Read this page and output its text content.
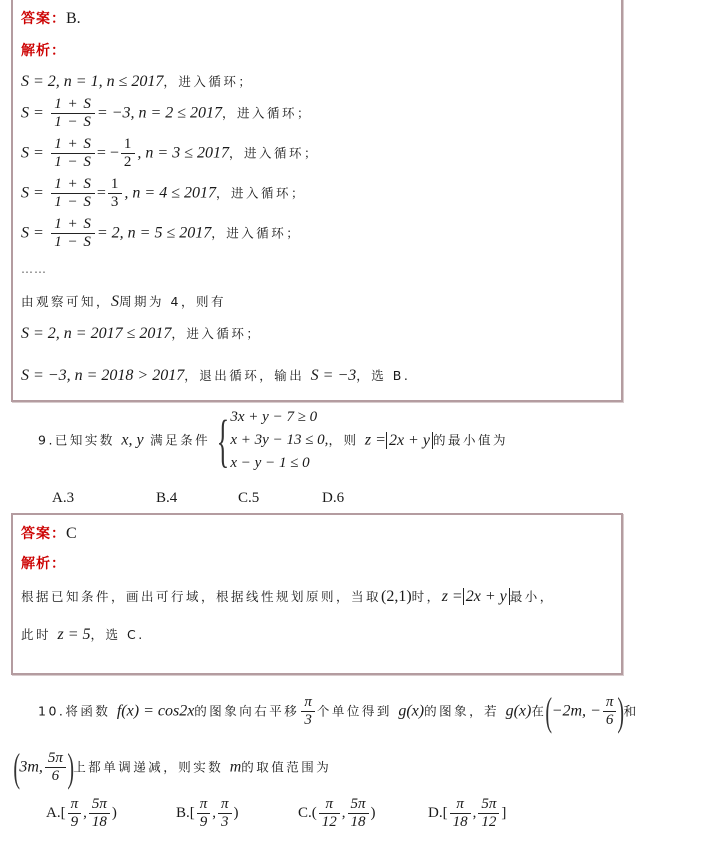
答案：B.
解析：
S = 2, n = 1, n ≤ 2017，进入循环；
$S = \frac{1 + S}{1 - S} = -3$, n = 2 ≤ 2017，进入循环；
$S = \frac{1 + S}{1 - S}$ = − $\frac{1}{2}$ , n = 3 ≤ 2017，进入循环；
$S = \frac{1 + S}{1 - S} = \frac{1}{3}$ , n = 4 ≤ 2017，进入循环；
$S = \frac{1 + S}{1 - S} = 2$, n = 5 ≤ 2017，进入循环；
……
由观察可知，S周期为 4，则有
S = 2, n = 2017 ≤ 2017，进入循环；
S = −3, n = 2018 > 2017，退出循环，输出 S = −3，选 B.
9.已知实数 x, y 满足条件 { 3x + y − 7 ≥ 0
x + 3y − 13 ≤ 0,
x − y − 1 ≤ 0
，则 z = 2x + y 的最小值为
A.3	B.4	C.5	D.6
答案：C
解析：
根据已知条件，画出可行域，根据线性规划原则，当取(2,1)时，z = 2x + y 最小，
此时 z = 5，选 C.
10.将函数 f(x) = cos2x的图象向右平移 $\frac{\pi}{3}$ 个单位得到 g(x)的图象，若 g(x)在(−2m, − $\frac{\pi}{6}$ )和
(3m, $\frac{5\pi}{6}$ )上都单调递减，则实数 m的取值范围为
$A.[ \frac{\pi}{9}$ , $\frac{5\pi}{18}$ )	$B.[ \frac{\pi}{9}$ , $\frac{\pi}{3}$ )	$C.( \frac{\pi}{12}$ , $\frac{5\pi}{18}$ )	$D.[ \frac{\pi}{18}$ , $\frac{5\pi}{12}$ ]
